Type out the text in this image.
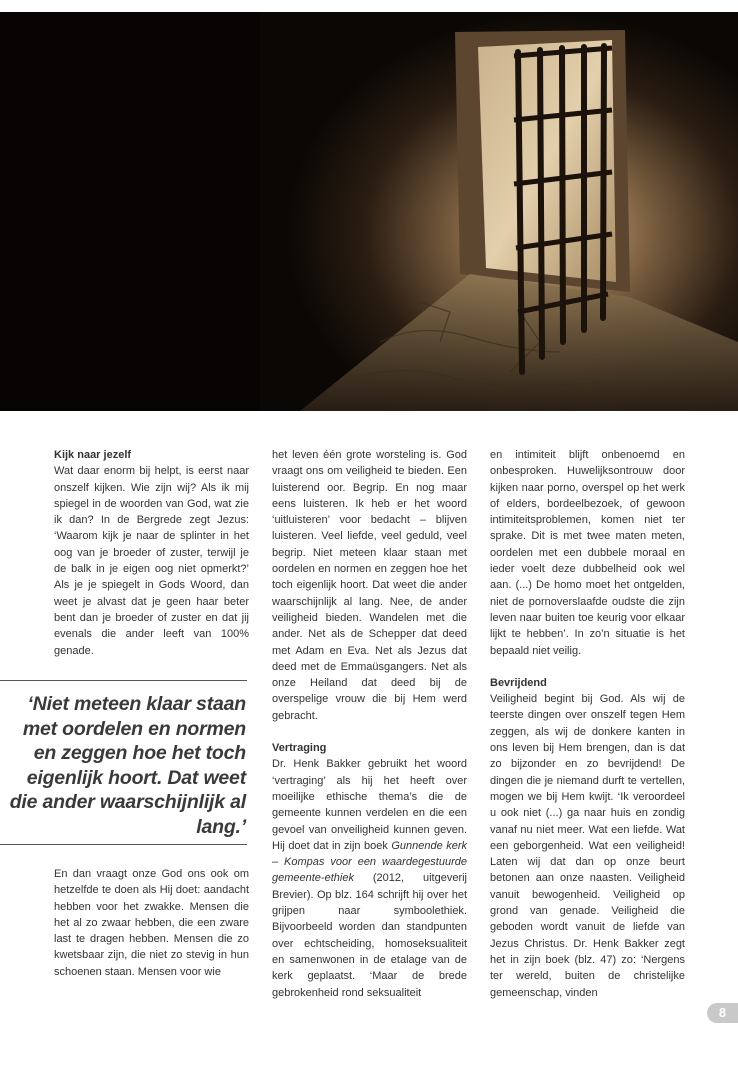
Kijk naar jezelf

Wat daar enorm bij helpt, is eerst naar onszelf kijken. Wie zijn wij? Als ik mij spiegel in de woorden van God, wat zie ik dan? In de Bergrede zegt Jezus: ‘Waarom kijk je naar de splinter in het oog van je broeder of zuster, terwijl je de balk in je eigen oog niet opmerkt?’ Als je je spiegelt in Gods Woord, dan weet je alvast dat je geen haar beter bent dan je broeder of zuster en dat jij evenals die ander leeft van 100% genade.

‘Niet meteen klaar staan met oordelen en normen en zeggen hoe het toch eigenlijk hoort. Dat weet die ander waarschijnlijk al lang.’

En dan vraagt onze God ons ook om hetzelfde te doen als Hij doet: aandacht hebben voor het zwakke. Mensen die het al zo zwaar hebben, die een zware last te dragen hebben. Mensen die zo kwetsbaar zijn, die niet zo stevig in hun schoenen staan. Mensen voor wie

het leven één grote worsteling is. God vraagt ons om veiligheid te bieden. Een luisterend oor. Begrip. En nog maar eens luisteren. Ik heb er het woord ‘uitluisteren’ voor bedacht – blijven luisteren. Veel liefde, veel geduld, veel begrip. Niet meteen klaar staan met oordelen en normen en zeggen hoe het toch eigenlijk hoort. Dat weet die ander waarschijnlijk al lang. Nee, de ander veiligheid bieden. Wandelen met die ander. Net als de Schepper dat deed met Adam en Eva. Net als Jezus dat deed met de Emmaüsgangers. Net als onze Heiland dat deed bij de overspelige vrouw die bij Hem werd gebracht.

Vertraging

Dr. Henk Bakker gebruikt het woord ‘vertraging’ als hij het heeft over moeilijke ethische thema’s die de gemeente kunnen verdelen en die een gevoel van onveiligheid kunnen geven. Hij doet dat in zijn boek Gunnende kerk – Kompas voor een waardegestuurde gemeente-ethiek (2012, uitgeverij Brevier). Op blz. 164 schrijft hij over het grijpen naar symboolethiek. Bijvoorbeeld worden dan standpunten over echtscheiding, homoseksualiteit en samenwonen in de etalage van de kerk geplaatst. ‘Maar de brede gebrokenheid rond seksualiteit

en intimiteit blijft onbenoemd en onbesproken. Huwelijksontrouw door kijken naar porno, overspel op het werk of elders, bordeelbezoek, of gewoon intimiteitsproblemen, komen niet ter sprake. Dit is met twee maten meten, oordelen met een dubbele moraal en ieder voelt deze dubbelheid ook wel aan. (...) De homo moet het ontgelden, niet de pornoverslaafde oudste die zijn leven naar buiten toe keurig voor elkaar lijkt te hebben’. In zo’n situatie is het bepaald niet veilig.

Bevrijdend

Veiligheid begint bij God. Als wij de teerste dingen over onszelf tegen Hem zeggen, als wij de donkere kanten in ons leven bij Hem brengen, dan is dat zo bijzonder en zo bevrijdend! De dingen die je niemand durft te vertellen, mogen we bij Hem kwijt. ‘Ik veroordeel u ook niet (...) ga naar huis en zondig vanaf nu niet meer. Wat een liefde. Wat een geborgenheid. Wat een veiligheid! Laten wij dat dan op onze beurt betonen aan onze naasten. Veiligheid vanuit bewogenheid. Veiligheid op grond van genade. Veiligheid die geboden wordt vanuit de liefde van Jezus Christus. Dr. Henk Bakker zegt het in zijn boek (blz. 47) zo: ‘Nergens ter wereld, buiten de christelijke gemeenschap, vinden

8
